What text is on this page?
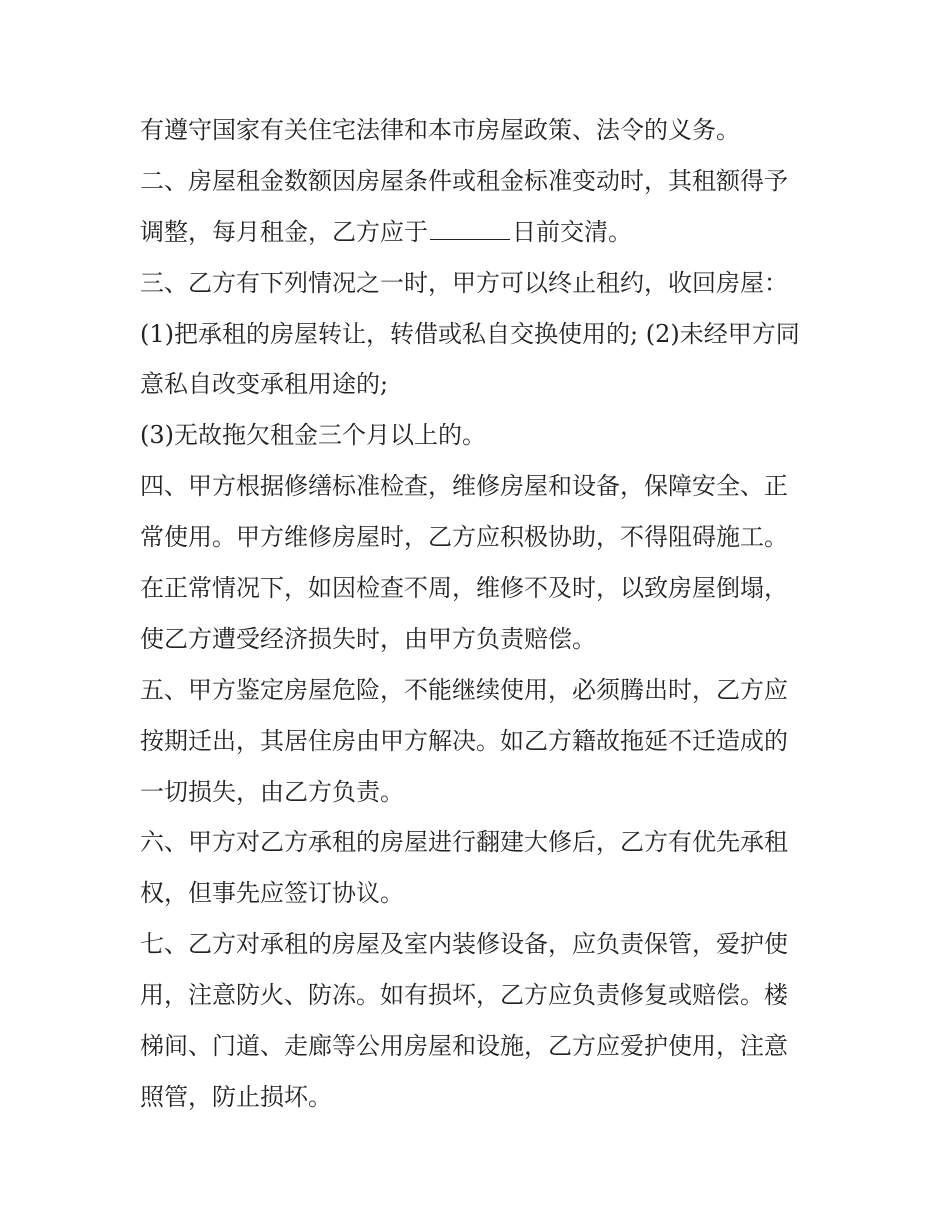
有遵守国家有关住宅法律和本市房屋政策、法令的义务。
二、房屋租金数额因房屋条件或租金标准变动时，其租额得予
调整，每月租金，乙方应于	日前交清。
三、乙方有下列情况之一时，甲方可以终止租约，收回房屋：
(1)把承租的房屋转让，转借或私自交换使用的; (2)未经甲方同
意私自改变承租用途的;
(3)无故拖欠租金三个月以上的。
四、甲方根据修缮标准检查，维修房屋和设备，保障安全、正
常使用。甲方维修房屋时，乙方应积极协助，不得阻碍施工。
在正常情况下，如因检查不周，维修不及时，以致房屋倒塌，
使乙方遭受经济损失时，由甲方负责赔偿。
五、甲方鉴定房屋危险，不能继续使用，必须腾出时，乙方应
按期迁出，其居住房由甲方解决。如乙方籍故拖延不迁造成的
一切损失，由乙方负责。
六、甲方对乙方承租的房屋进行翻建大修后，乙方有优先承租
权，但事先应签订协议。
七、乙方对承租的房屋及室内装修设备，应负责保管，爱护使
用，注意防火、防冻。如有损坏，乙方应负责修复或赔偿。楼
梯间、门道、走廊等公用房屋和设施，乙方应爱护使用，注意
照管，防止损坏。
